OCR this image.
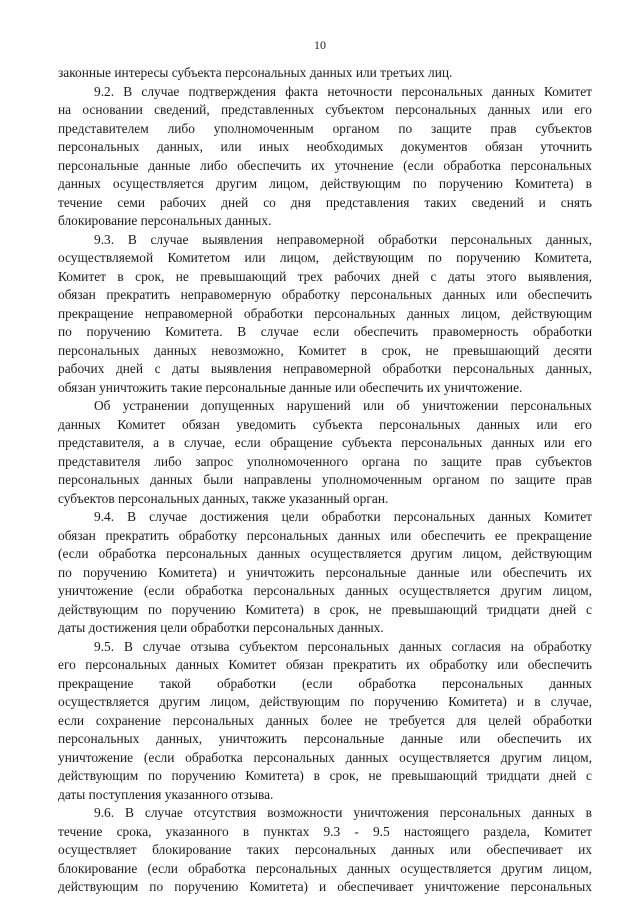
10
законные интересы субъекта персональных данных или третьих лиц.
9.2. В случае подтверждения факта неточности персональных данных Комитет
на основании сведений, представленных субъектом персональных данных или его
представителем либо уполномоченным органом по защите прав субъектов
персональных данных, или иных необходимых документов обязан уточнить
персональные данные либо обеспечить их уточнение (если обработка персональных
данных осуществляется другим лицом, действующим по поручению Комитета) в
течение семи рабочих дней со дня представления таких сведений и снять
блокирование персональных данных.
9.3. В случае выявления неправомерной обработки персональных данных,
осуществляемой Комитетом или лицом, действующим по поручению Комитета,
Комитет в срок, не превышающий трех рабочих дней с даты этого выявления,
обязан прекратить неправомерную обработку персональных данных или обеспечить
прекращение неправомерной обработки персональных данных лицом, действующим
по поручению Комитета. В случае если обеспечить правомерность обработки
персональных данных невозможно, Комитет в срок, не превышающий десяти
рабочих дней с даты выявления неправомерной обработки персональных данных,
обязан уничтожить такие персональные данные или обеспечить их уничтожение.
Об устранении допущенных нарушений или об уничтожении персональных
данных Комитет обязан уведомить субъекта персональных данных или его
представителя, а в случае, если обращение субъекта персональных данных или его
представителя либо запрос уполномоченного органа по защите прав субъектов
персональных данных были направлены уполномоченным органом по защите прав
субъектов персональных данных, также указанный орган.
9.4. В случае достижения цели обработки персональных данных Комитет
обязан прекратить обработку персональных данных или обеспечить ее прекращение
(если обработка персональных данных осуществляется другим лицом, действующим
по поручению Комитета) и уничтожить персональные данные или обеспечить их
уничтожение (если обработка персональных данных осуществляется другим лицом,
действующим по поручению Комитета) в срок, не превышающий тридцати дней с
даты достижения цели обработки персональных данных.
9.5. В случае отзыва субъектом персональных данных согласия на обработку
его персональных данных Комитет обязан прекратить их обработку или обеспечить
прекращение такой обработки (если обработка персональных данных
осуществляется другим лицом, действующим по поручению Комитета) и в случае,
если сохранение персональных данных более не требуется для целей обработки
персональных данных, уничтожить персональные данные или обеспечить их
уничтожение (если обработка персональных данных осуществляется другим лицом,
действующим по поручению Комитета) в срок, не превышающий тридцати дней с
даты поступления указанного отзыва.
9.6. В случае отсутствия возможности уничтожения персональных данных в
течение срока, указанного в пунктах 9.3 - 9.5 настоящего раздела, Комитет
осуществляет блокирование таких персональных данных или обеспечивает их
блокирование (если обработка персональных данных осуществляется другим лицом,
действующим по поручению Комитета) и обеспечивает уничтожение персональных
